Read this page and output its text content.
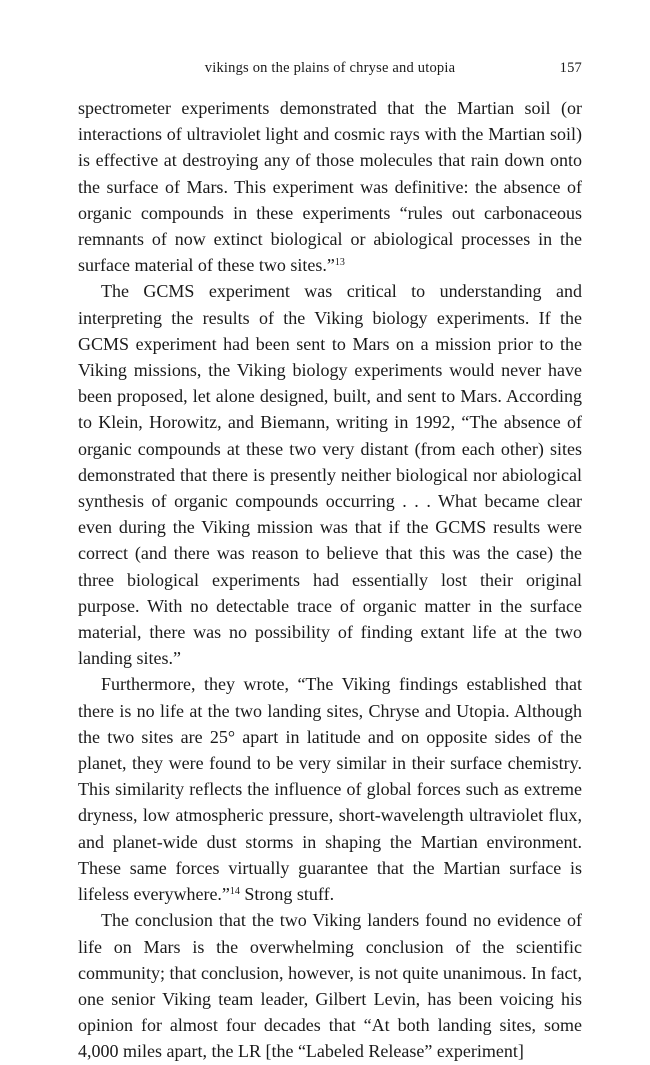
vikings on the plains of chryse and utopia	157

spectrometer experiments demonstrated that the Martian soil (or interactions of ultraviolet light and cosmic rays with the Martian soil) is effective at destroying any of those molecules that rain down onto the surface of Mars. This experiment was definitive: the absence of organic compounds in these experiments “rules out carbonaceous remnants of now extinct biological or abiological processes in the surface material of these two sites.”$^{13}$

The GCMS experiment was critical to understanding and interpreting the results of the Viking biology experiments. If the GCMS experiment had been sent to Mars on a mission prior to the Viking missions, the Viking biology experiments would never have been proposed, let alone designed, built, and sent to Mars. According to Klein, Horowitz, and Biemann, writing in 1992, “The absence of organic compounds at these two very distant (from each other) sites demonstrated that there is presently neither biological nor abiological synthesis of organic compounds occurring . . . What became clear even during the Viking mission was that if the GCMS results were correct (and there was reason to believe that this was the case) the three biological experiments had essentially lost their original purpose. With no detectable trace of organic matter in the surface material, there was no possibility of finding extant life at the two landing sites.”

Furthermore, they wrote, “The Viking findings established that there is no life at the two landing sites, Chryse and Utopia. Although the two sites are 25° apart in latitude and on opposite sides of the planet, they were found to be very similar in their surface chemistry. This similarity reflects the influence of global forces such as extreme dryness, low atmospheric pressure, short-wavelength ultraviolet flux, and planet-wide dust storms in shaping the Martian environment. These same forces virtually guarantee that the Martian surface is lifeless everywhere.”$^{14}$ Strong stuff.

The conclusion that the two Viking landers found no evidence of life on Mars is the overwhelming conclusion of the scientific community; that conclusion, however, is not quite unanimous. In fact, one senior Viking team leader, Gilbert Levin, has been voicing his opinion for almost four decades that “At both landing sites, some 4,000 miles apart, the LR [the “Labeled Release” experiment]
